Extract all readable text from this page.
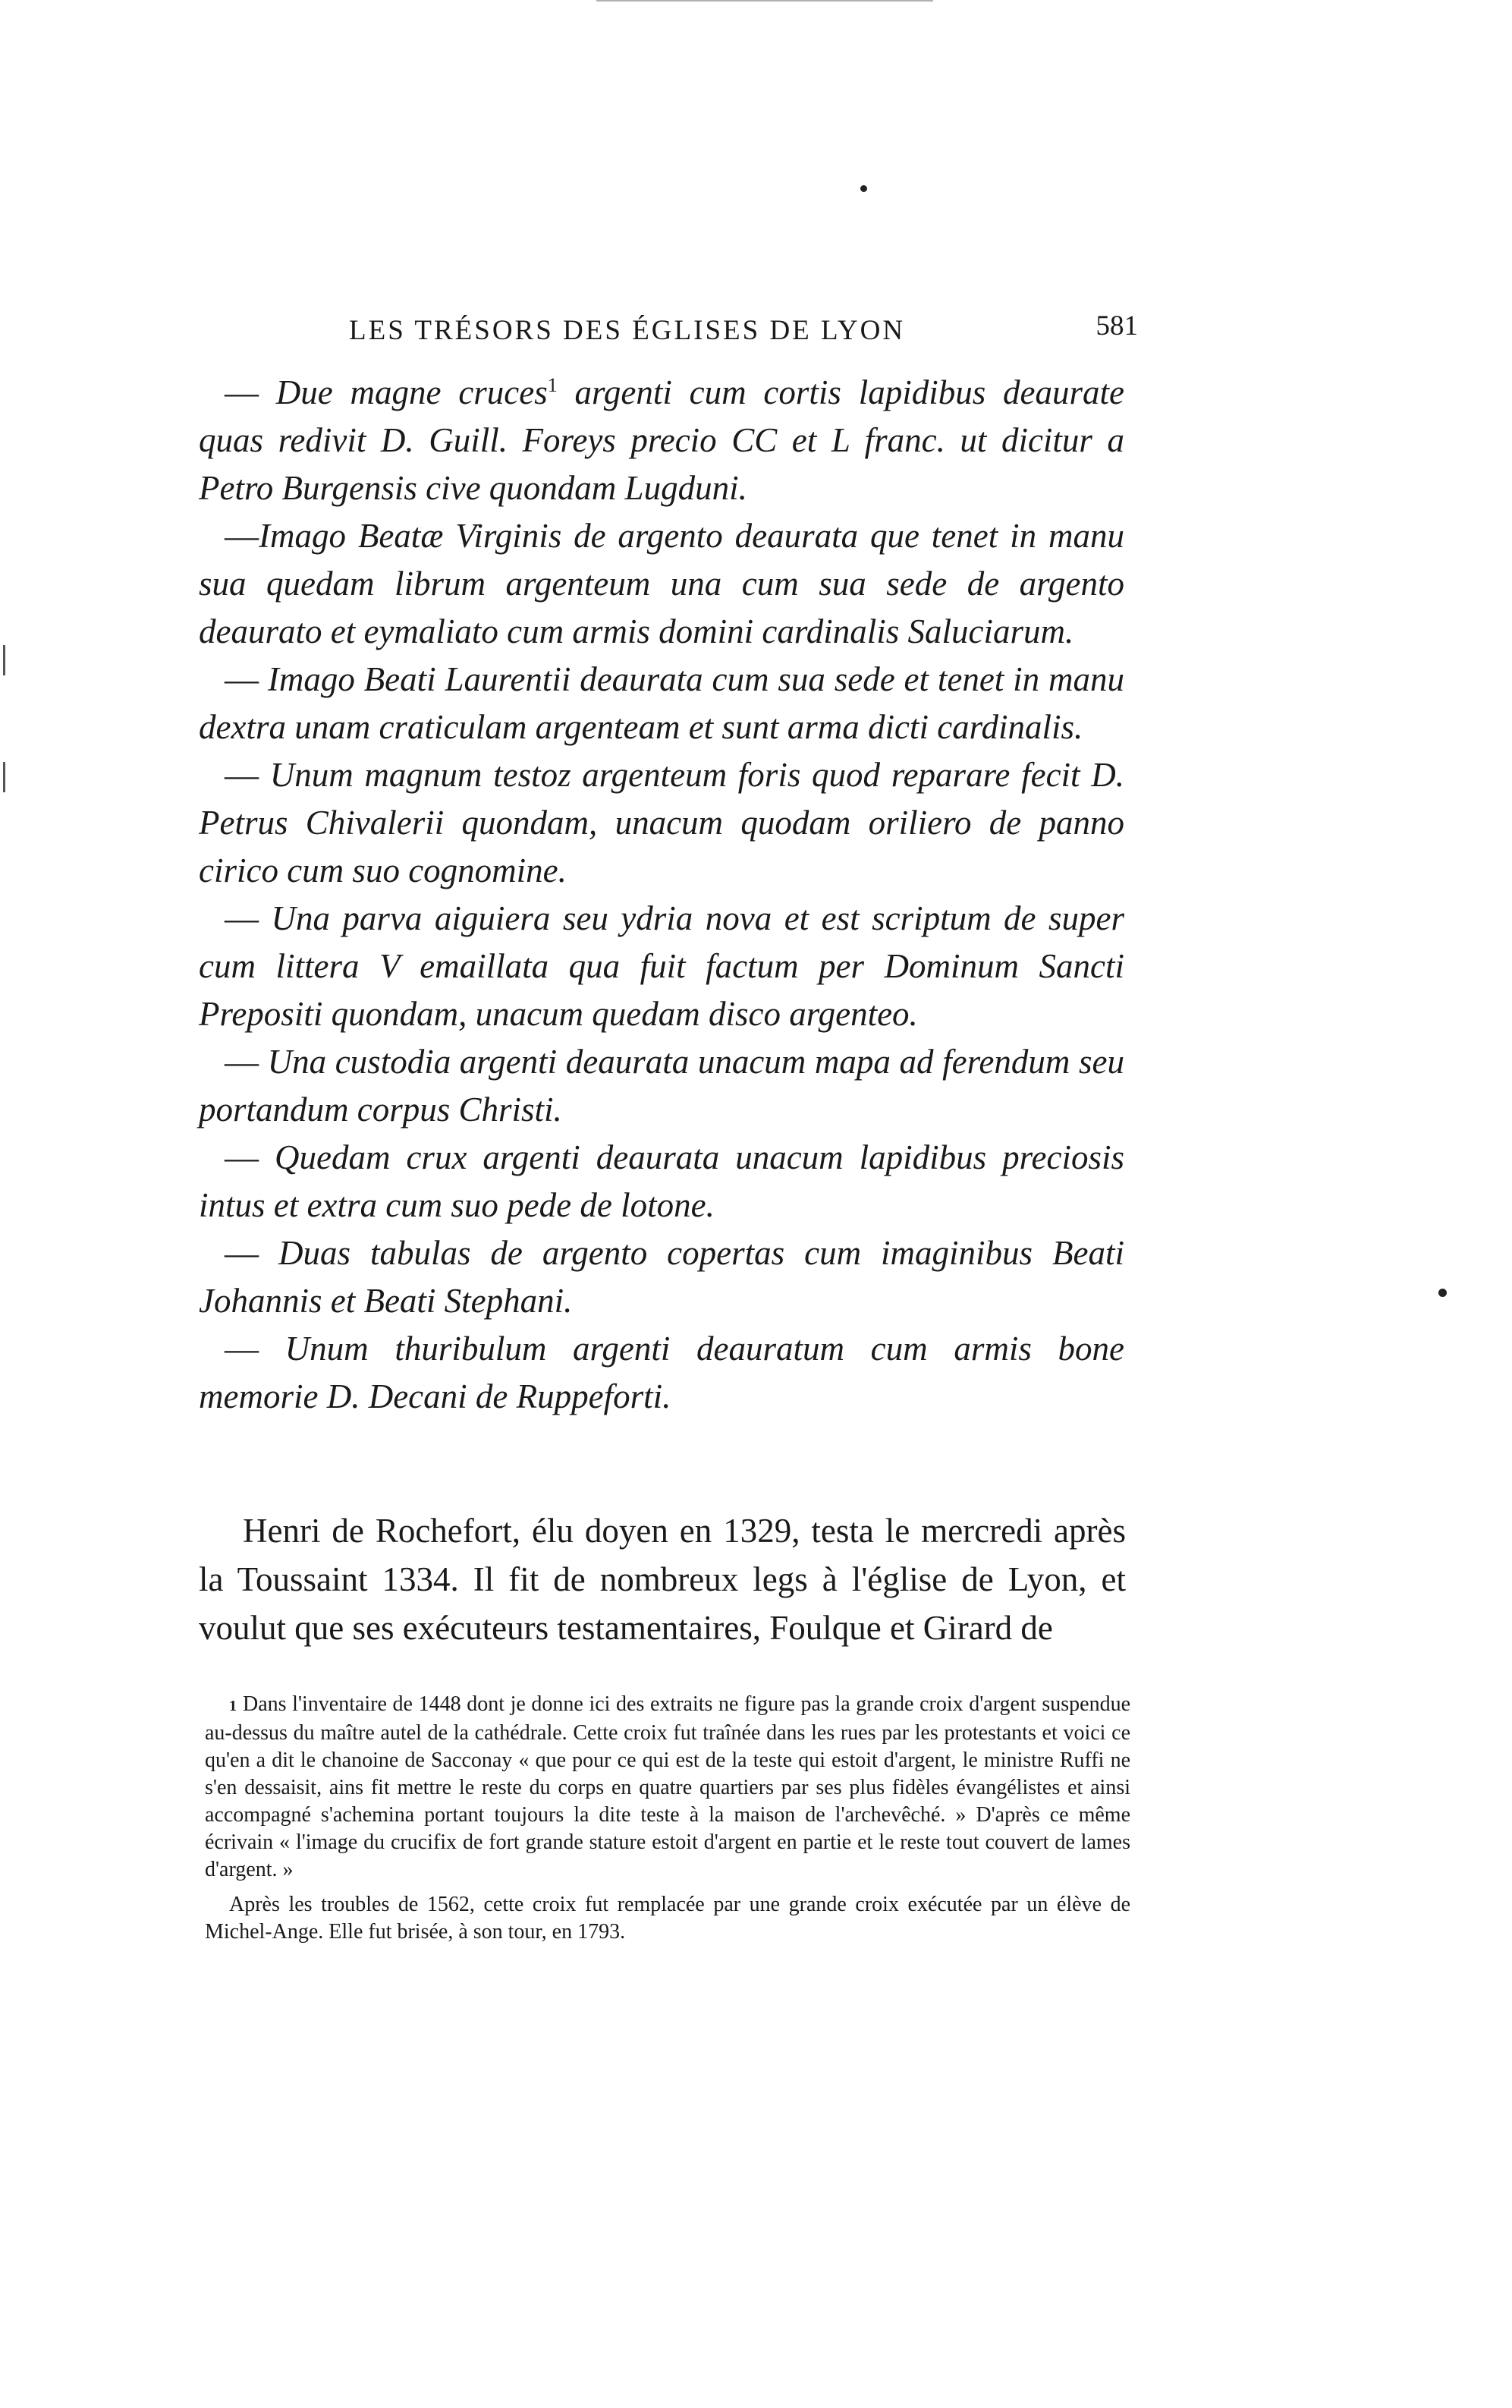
LES TRÉSORS DES ÉGLISES DE LYON	581

— Due magne cruces$^1$ argenti cum cortis lapidibus deaurate quas redivit D. Guill. Foreys precio CC et L franc. ut dicitur a Petro Burgensis cive quondam Lugduni.

—Imago Beatæ Virginis de argento deaurata que tenet in manu sua quedam librum argenteum una cum sua sede de argento deaurato et eymaliato cum armis domini cardinalis Saluciarum.

— Imago Beati Laurentii deaurata cum sua sede et tenet in manu dextra unam craticulam argenteam et sunt arma dicti cardinalis.

— Unum magnum testoz argenteum foris quod reparare fecit D. Petrus Chivalerii quondam, unacum quodam oriliero de panno cirico cum suo cognomine.

— Una parva aiguiera seu ydria nova et est scriptum de super cum littera V emaillata qua fuit factum per Dominum Sancti Prepositi quondam, unacum quedam disco argenteo.

— Una custodia argenti deaurata unacum mapa ad ferendum seu portandum corpus Christi.

— Quedam crux argenti deaurata unacum lapidibus preciosis intus et extra cum suo pede de lotone.

— Duas tabulas de argento copertas cum imaginibus Beati Johannis et Beati Stephani.

— Unum thuribulum argenti deauratum cum armis bone memorie D. Decani de Ruppeforti.

Henri de Rochefort, élu doyen en 1329, testa le mercredi après la Toussaint 1334. Il fit de nombreux legs à l'église de Lyon, et voulut que ses exécuteurs testamentaires, Foulque et Girard de

1 Dans l'inventaire de 1448 dont je donne ici des extraits ne figure pas la grande croix d'argent suspendue au-dessus du maître autel de la cathédrale. Cette croix fut traînée dans les rues par les protestants et voici ce qu'en a dit le chanoine de Sacconay « que pour ce qui est de la teste qui estoit d'argent, le ministre Ruffi ne s'en dessaisit, ains fit mettre le reste du corps en quatre quartiers par ses plus fidèles évangélistes et ainsi accompagné s'achemina portant toujours la dite teste à la maison de l'archevêché. » D'après ce même écrivain « l'image du crucifix de fort grande stature estoit d'argent en partie et le reste tout couvert de lames d'argent. »

Après les troubles de 1562, cette croix fut remplacée par une grande croix exécutée par un élève de Michel-Ange. Elle fut brisée, à son tour, en 1793.
